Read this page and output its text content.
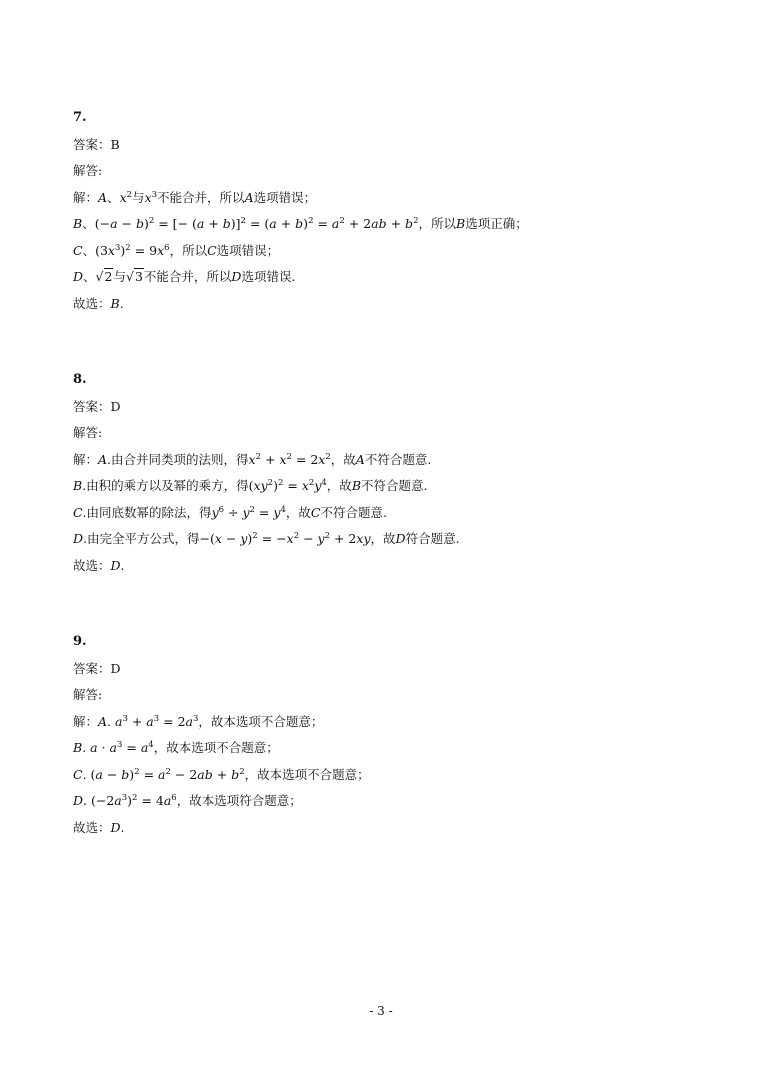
7.
答案：B
解答:
解：A、$x^2$与$x^3$不能合并，所以A选项错误；
B、$(-a - b)^2$ = [− $(a + b)]^2 = (a + b)^2 = a^2 + 2ab + b^2$，所以B选项正确；
C、$(3x^3)^2 = 9x^6$，所以C选项错误；
D、√2与√3不能合并，所以D选项错误.
故选：B.
8.
答案：D
解答:
解：A.由合并同类项的法则，得$x^2 + x^2 = 2x^2$，故A不符合题意.
B.由积的乘方以及幂的乘方，得$(xy^2)^2 = x^2y^4$，故B不符合题意.
C.由同底数幂的除法，得$y^6 \div y^2 = y^4$，故C不符合题意.
D.由完全平方公式，得$-(x - y)^2 = -x^2 - y^2 + 2xy$，故D符合题意.
故选：D.
9.
答案：D
解答:
解：A. $a^3 + a^3 = 2a^3$，故本选项不合题意；
B. $a \cdot a^3 = a^4$，故本选项不合题意；
C. $(a - b)^2 = a^2 - 2ab + b^2$，故本选项不合题意；
D. $(-2a^3)^2 = 4a^6$，故本选项符合题意；
故选：D.
- 3 -
